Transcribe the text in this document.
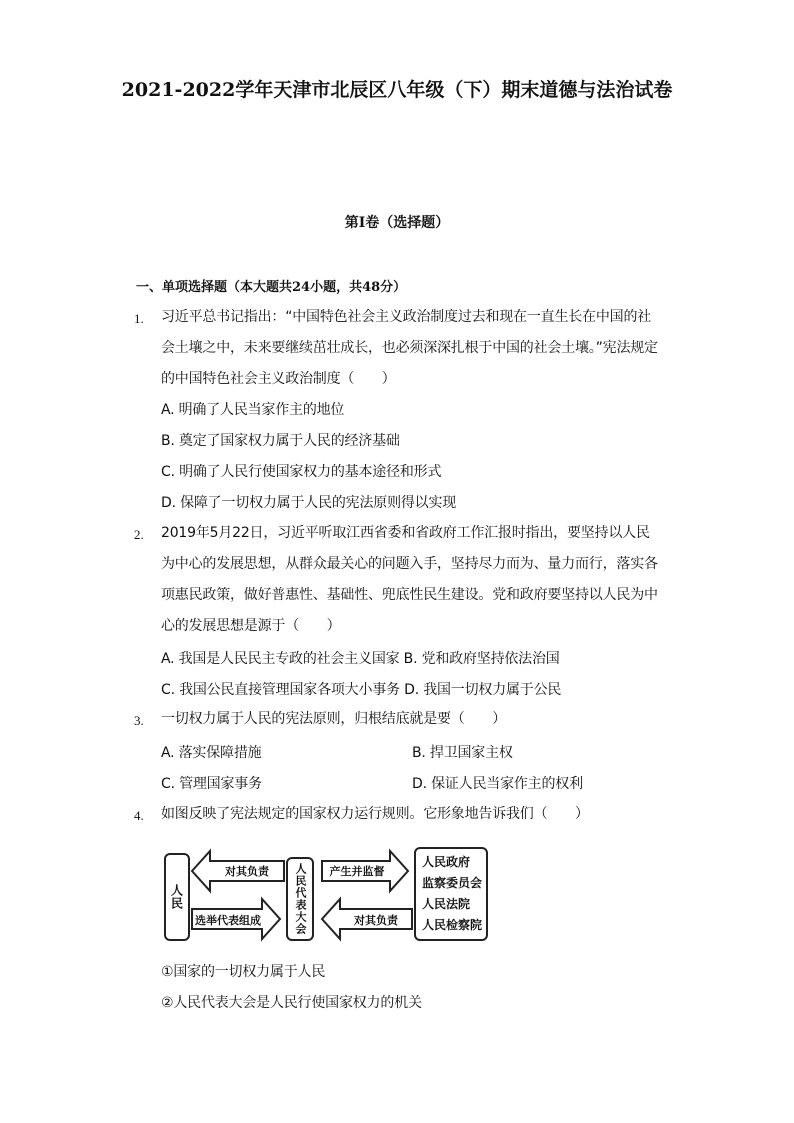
2021-2022学年天津市北辰区八年级（下）期末道德与法治试卷
第I卷（选择题）
一、单项选择题（本大题共24小题，共48分）
1. 习近平总书记指出：“中国特色社会主义政治制度过去和现在一直生长在中国的社会土壤之中，未来要继续茁壮成长，也必须深深扎根于中国的社会土壤。”宪法规定的中国特色社会主义政治制度（　　）
A. 明确了人民当家作主的地位
B. 奠定了国家权力属于人民的经济基础
C. 明确了人民行使国家权力的基本途径和形式
D. 保障了一切权力属于人民的宪法原则得以实现
2. 2019年5月22日，习近平听取江西省委和省政府工作汇报时指出，要坚持以人民为中心的发展思想，从群众最关心的问题入手，坚持尽力而为、量力而行，落实各项惠民政策，做好普惠性、基础性、兜底性民生建设。党和政府要坚持以人民为中心的发展思想是源于（　　）
A. 我国是人民民主专政的社会主义国家 B. 党和政府坚持依法治国
C. 我国公民直接管理国家各项大小事务 D. 我国一切权力属于公民
3. 一切权力属于人民的宪法原则，归根结底就是要（　　）
A. 落实保障措施	B. 捍卫国家主权
C. 管理国家事务	D. 保证人民当家作主的权利
4. 如图反映了宪法规定的国家权力运行规则。它形象地告诉我们（　　）
人民	人民代表大会
人民政府
监察委员会
人民法院
人民检察院
对其负责
选举代表组成
产生并监督
对其负责
①国家的一切权力属于人民
②人民代表大会是人民行使国家权力的机关
